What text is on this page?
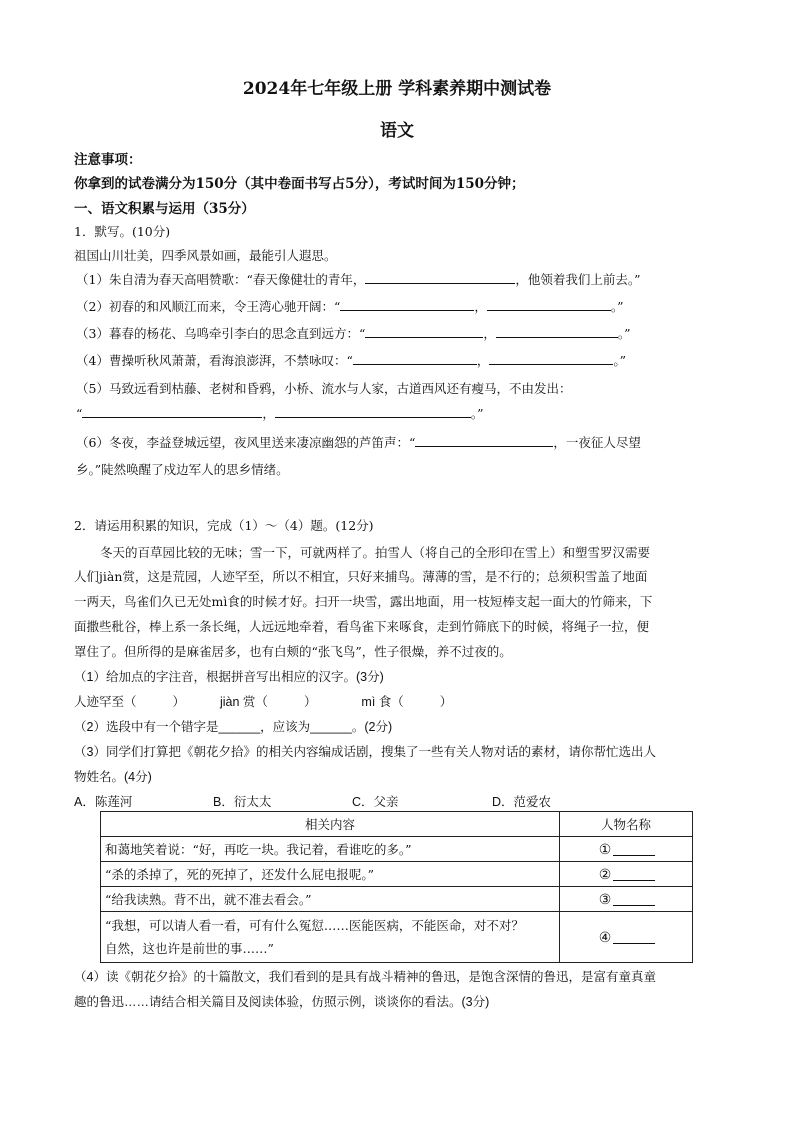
2024年七年级上册 学科素养期中测试卷
语文
注意事项：
你拿到的试卷满分为150分（其中卷面书写占5分），考试时间为150分钟；
一、语文积累与运用（35分）
1．默写。(10分)
祖国山川壮美，四季风景如画，最能引人遐思。
（1）朱自清为春天高唱赞歌：“春天像健壮的青年，	，他领着我们上前去。”
（2）初春的和风顺江而来，令王湾心驰开阔：“	，	。”
（3）暮春的杨花、乌鸣牵引李白的思念直到远方：“	，	。”
（4）曹操听秋风萧萧，看海浪澎湃，不禁咏叹：“	，	。”
（5）马致远看到枯藤、老树和昏鸦，小桥、流水与人家，古道西风还有瘦马，不由发出：
“	，	。”
（6）冬夜，李益登城远望，夜风里送来凄凉幽怨的芦笛声：“	，一夜征人尽望
乡。”陡然唤醒了戍边军人的思乡情绪。
2．请运用积累的知识，完成（1）～（4）题。(12分)
冬天的百草园比较的无味；雪一下，可就两样了。拍雪人（将自己的全形印在雪上）和塑雪罗汉需要
人们jiàn赏，这是荒园，人迹罕至，所以不相宜，只好来捕鸟。薄薄的雪，是不行的；总须积雪盖了地面
一两天，鸟雀们久已无处mì食的时候才好。扫开一块雪，露出地面，用一枝短棒支起一面大的竹筛来，下
面撒些秕谷，棒上系一条长绳，人远远地牵着，看鸟雀下来啄食，走到竹筛底下的时候，将绳子一拉，便
罩住了。但所得的是麻雀居多，也有白颊的“张飞鸟”，性子很燥，养不过夜的。
（1）给加点的字注音，根据拼音写出相应的汉字。(3分)
人迹罕至（	）	jiàn 赏（	）	mì 食（	）
（2）选段中有一个错字是______，应该为______。(2分)
（3）同学们打算把《朝花夕拾》的相关内容编成话剧，搜集了一些有关人物对话的素材，请你帮忙选出人
物姓名。(4分)
A．陈莲河	B．衍太太	C．父亲	D．范爱农
相关内容	人物名称
和蔼地笑着说：“好，再吃一块。我记着，看谁吃的多。”	①
“杀的杀掉了，死的死掉了，还发什么屁电报呢。”	②
“给我读熟。背不出，就不准去看会。”	③
“我想，可以请人看一看，可有什么冤愆……医能医病，不能医命，对不对？
自然，这也许是前世的事……”	④
（4）读《朝花夕拾》的十篇散文，我们看到的是具有战斗精神的鲁迅，是饱含深情的鲁迅，是富有童真童
趣的鲁迅……请结合相关篇目及阅读体验，仿照示例，谈谈你的看法。(3分)
